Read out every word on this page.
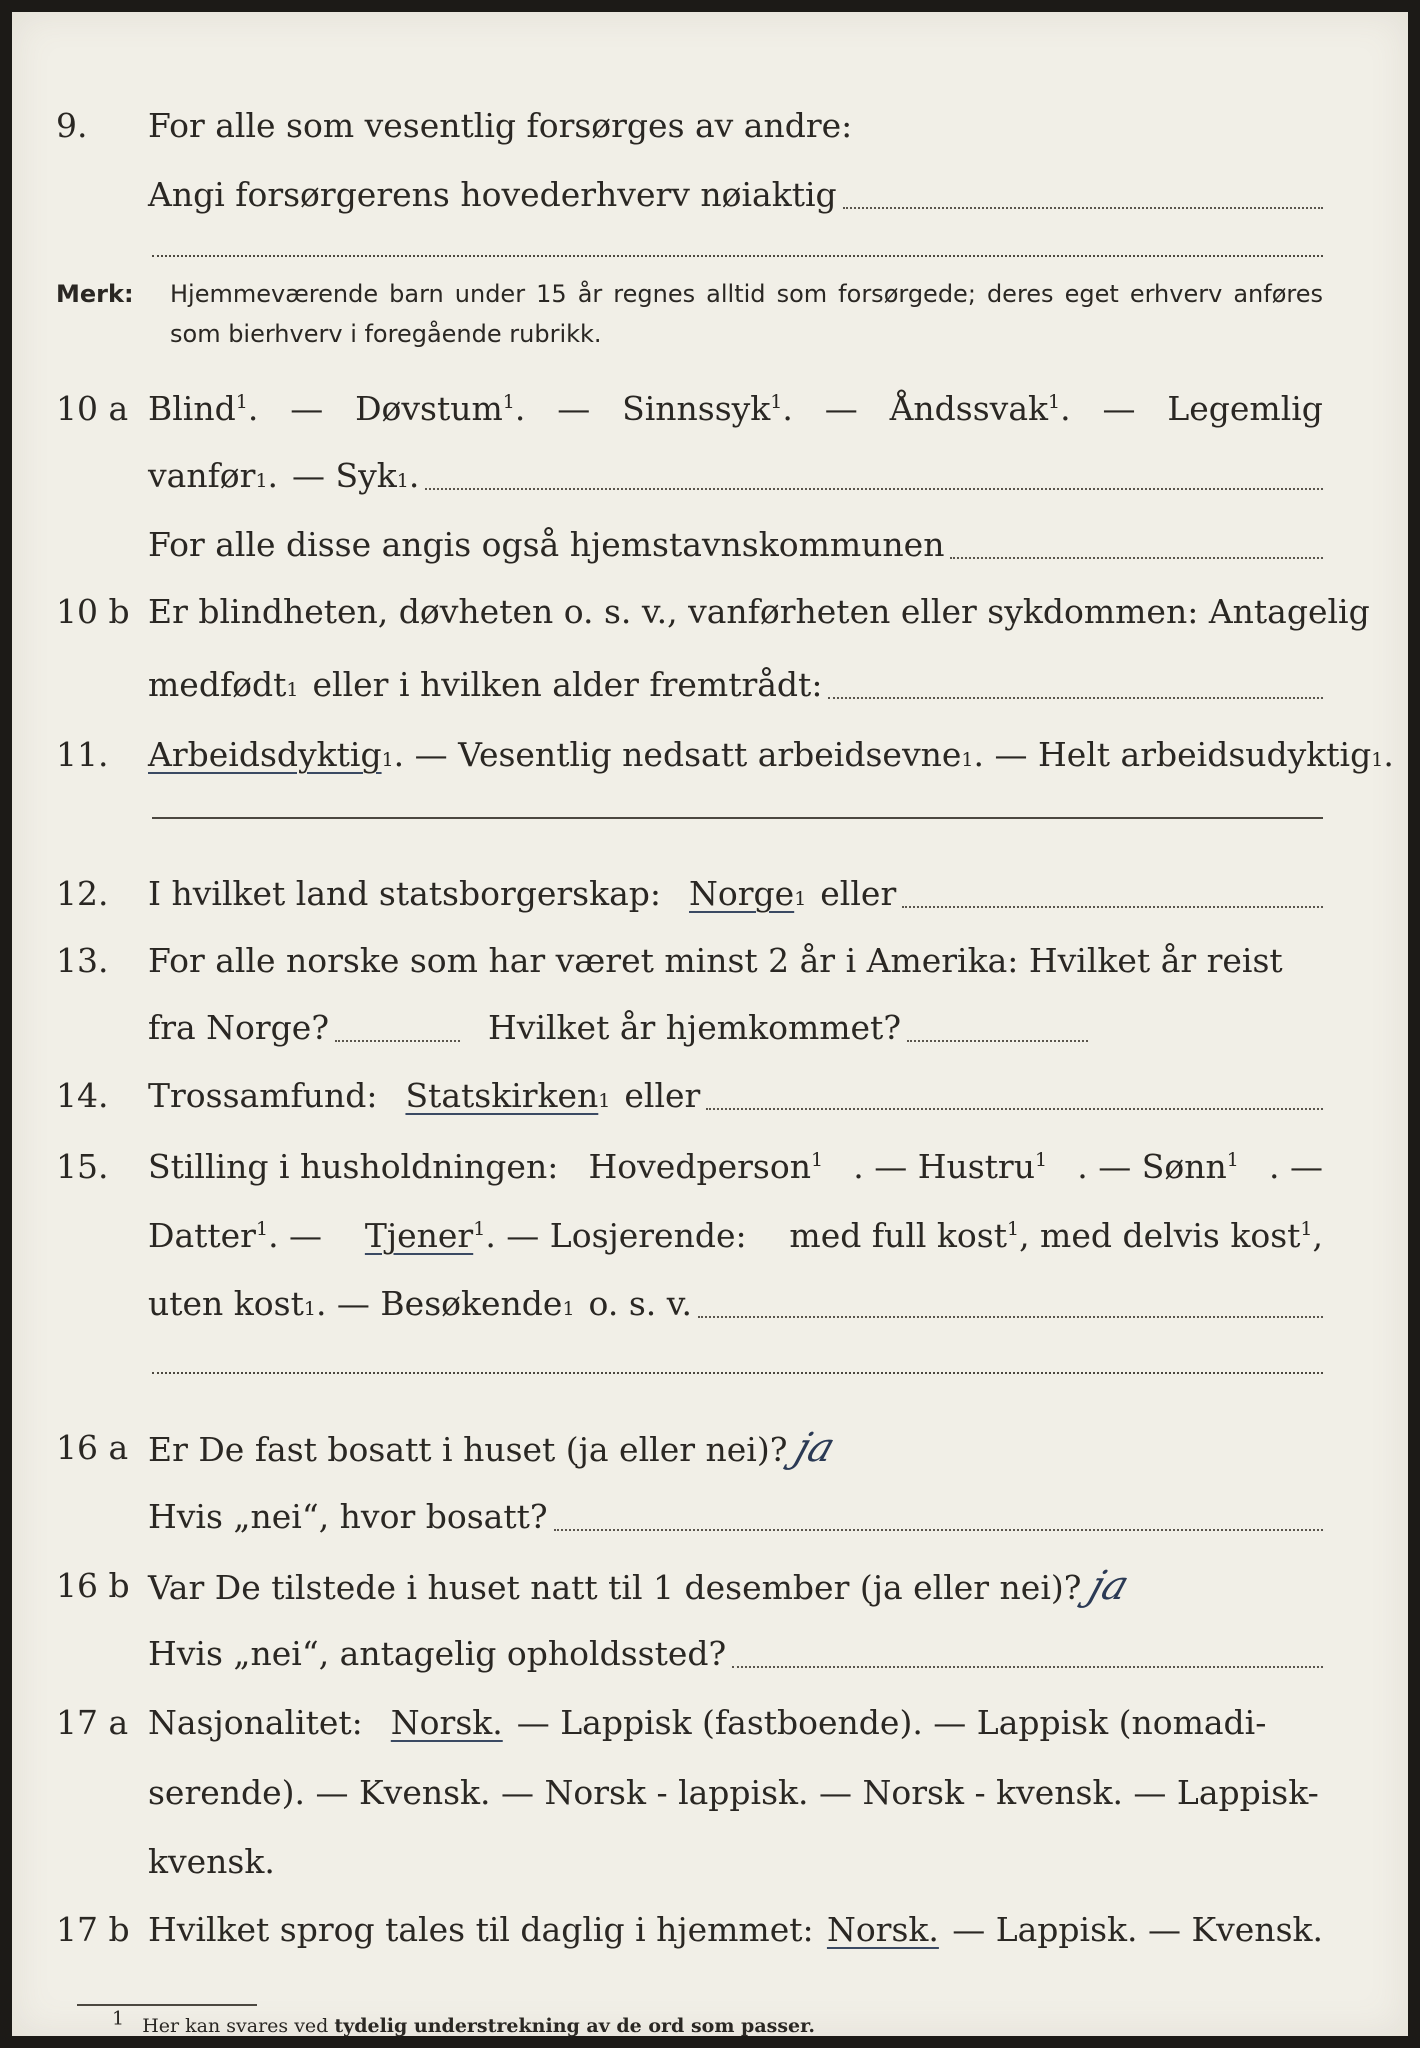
9. For alle som vesentlig forsørges av andre:
Angi forsørgerens hovederhverv nøiaktig
Merk: Hjemmeværende barn under 15 år regnes alltid som forsørgede; deres eget erhverv anføres som bierhverv i foregående rubrikk.
10 a Blind$^1$. — Døvstum$^1$. — Sinnssyk$^1$. — Åndssvak$^1$. — Legemlig
vanfør 1 . — Syk 1 .
For alle disse angis også hjemstavnskommunen
10 b Er blindheten, døvheten o. s. v., vanførheten eller sykdommen: Antagelig
medfødt 1 eller i hvilken alder fremtrådt:
11. Arbeidsdyktig 1 . — Vesentlig nedsatt arbeidsevne 1 . — Helt arbeidsudyktig 1 .
12. I hvilket land statsborgerskap: Norge 1 eller
13. For alle norske som har været minst 2 år i Amerika: Hvilket år reist
fra Norge?	Hvilket år hjemkommet?
14. Trossamfund: Statskirken 1 eller
15. Stilling i husholdningen: Hovedperson$^1$ . — Hustru$^1$ . — Sønn$^1$ . —
Datter$^1$. — Tjener$^1$. — Losjerende: med full kost$^1$, med delvis kost$^1$,
uten kost 1 . — Besøkende 1 o. s. v.
16 a Er De fast bosatt i huset (ja eller nei)? ja
Hvis „nei“, hvor bosatt?
16 b Var De tilstede i huset natt til 1 desember (ja eller nei)? ja
Hvis „nei“, antagelig opholdssted?
17 a Nasjonalitet: Norsk. — Lappisk (fastboende). — Lappisk (nomadi-
serende). — Kvensk. — Norsk - lappisk. — Norsk - kvensk. — Lappisk-
kvensk.
17 b Hvilket sprog tales til daglig i hjemmet: Norsk. — Lappisk. — Kvensk.
1 Her kan svares ved tydelig understrekning av de ord som passer.
